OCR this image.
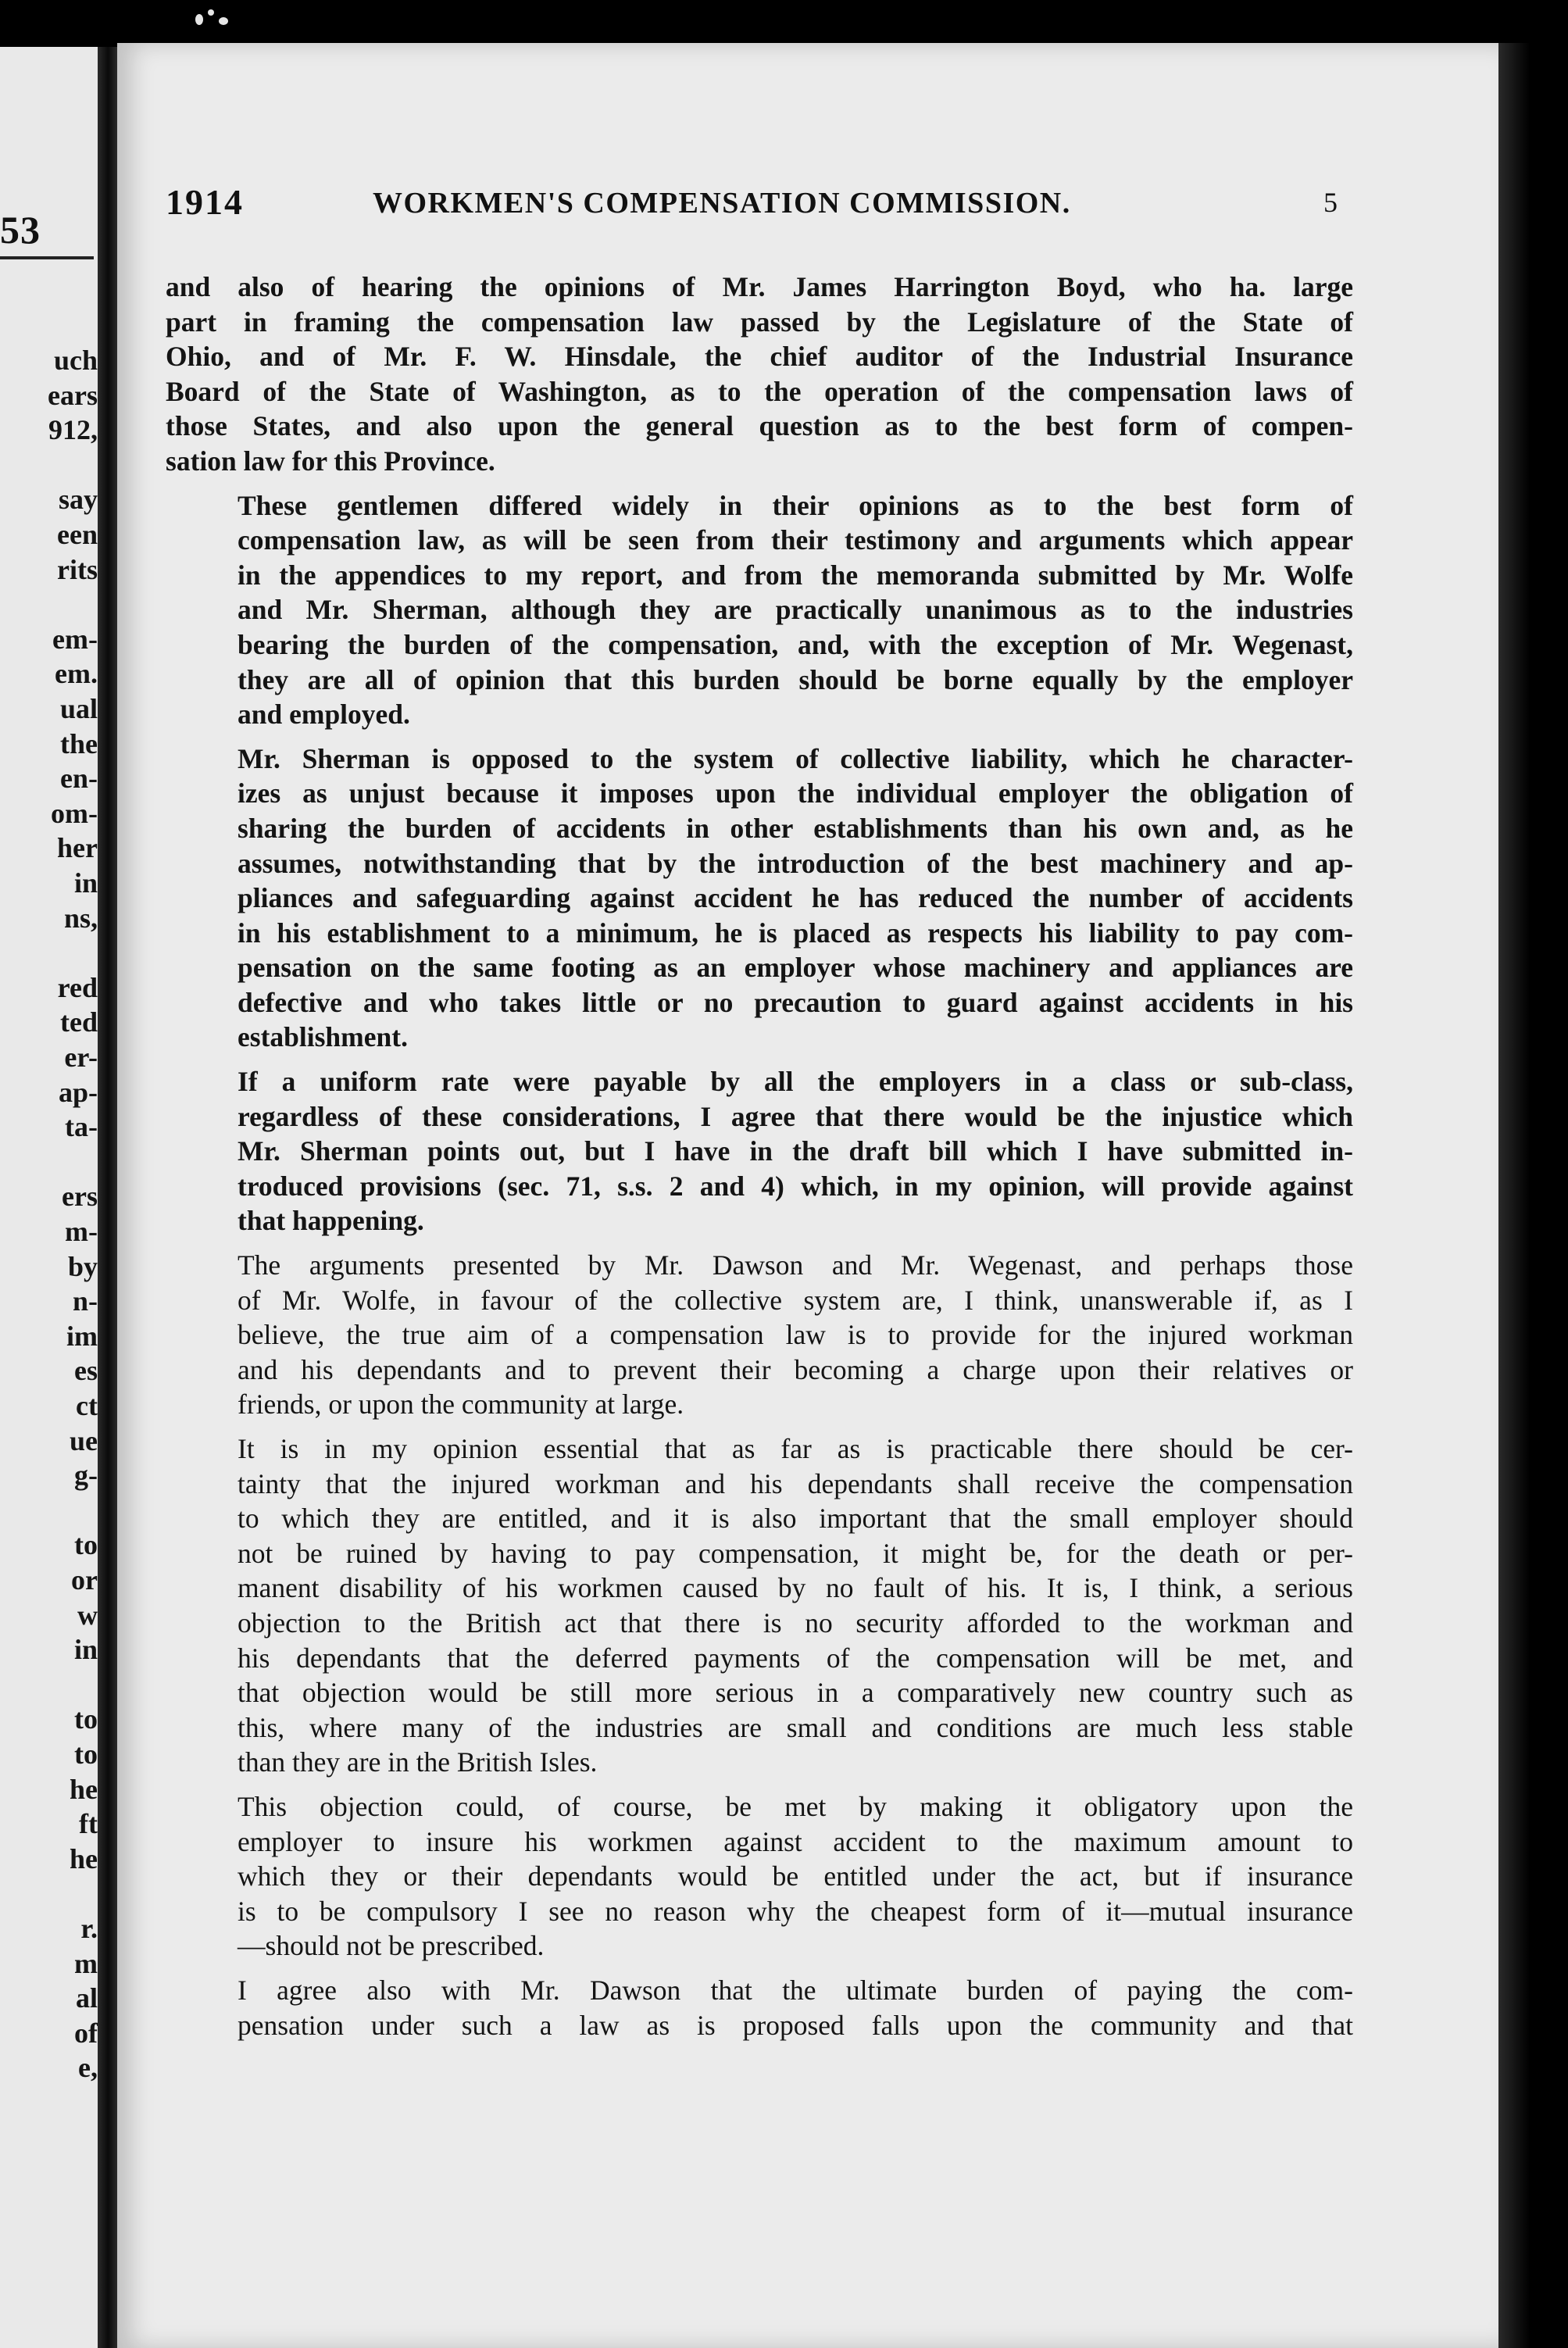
53
uch
ears
912,
say
een
rits
em-
em.
ual
the
en-
om-
her
in
ns,
red
ted
er-
ap-
ta-
ers
m-
by
n-
im
es
ct
ue
g-
to
or
w
in
to
to
he
ft
he
r.
m
al
of
e,
1914	WORKMEN'S COMPENSATION COMMISSION.	5

and also of hearing the opinions of Mr. James Harrington Boyd, who ha. large
part in framing the compensation law passed by the Legislature of the State of
Ohio, and of Mr. F. W. Hinsdale, the chief auditor of the Industrial Insurance
Board of the State of Washington, as to the operation of the compensation laws of
those States, and also upon the general question as to the best form of compen-
sation law for this Province.

These gentlemen differed widely in their opinions as to the best form of
compensation law, as will be seen from their testimony and arguments which appear
in the appendices to my report, and from the memoranda submitted by Mr. Wolfe
and Mr. Sherman, although they are practically unanimous as to the industries
bearing the burden of the compensation, and, with the exception of Mr. Wegenast,
they are all of opinion that this burden should be borne equally by the employer
and employed.

Mr. Sherman is opposed to the system of collective liability, which he character-
izes as unjust because it imposes upon the individual employer the obligation of
sharing the burden of accidents in other establishments than his own and, as he
assumes, notwithstanding that by the introduction of the best machinery and ap-
pliances and safeguarding against accident he has reduced the number of accidents
in his establishment to a minimum, he is placed as respects his liability to pay com-
pensation on the same footing as an employer whose machinery and appliances are
defective and who takes little or no precaution to guard against accidents in his
establishment.

If a uniform rate were payable by all the employers in a class or sub-class,
regardless of these considerations, I agree that there would be the injustice which
Mr. Sherman points out, but I have in the draft bill which I have submitted in-
troduced provisions (sec. 71, s.s. 2 and 4) which, in my opinion, will provide against
that happening.

The arguments presented by Mr. Dawson and Mr. Wegenast, and perhaps those
of Mr. Wolfe, in favour of the collective system are, I think, unanswerable if, as I
believe, the true aim of a compensation law is to provide for the injured workman
and his dependants and to prevent their becoming a charge upon their relatives or
friends, or upon the community at large.

It is in my opinion essential that as far as is practicable there should be cer-
tainty that the injured workman and his dependants shall receive the compensation
to which they are entitled, and it is also important that the small employer should
not be ruined by having to pay compensation, it might be, for the death or per-
manent disability of his workmen caused by no fault of his. It is, I think, a serious
objection to the British act that there is no security afforded to the workman and
his dependants that the deferred payments of the compensation will be met, and
that objection would be still more serious in a comparatively new country such as
this, where many of the industries are small and conditions are much less stable
than they are in the British Isles.

This objection could, of course, be met by making it obligatory upon the
employer to insure his workmen against accident to the maximum amount to
which they or their dependants would be entitled under the act, but if insurance
is to be compulsory I see no reason why the cheapest form of it—mutual insurance
—should not be prescribed.

I agree also with Mr. Dawson that the ultimate burden of paying the com-
pensation under such a law as is proposed falls upon the community and that
